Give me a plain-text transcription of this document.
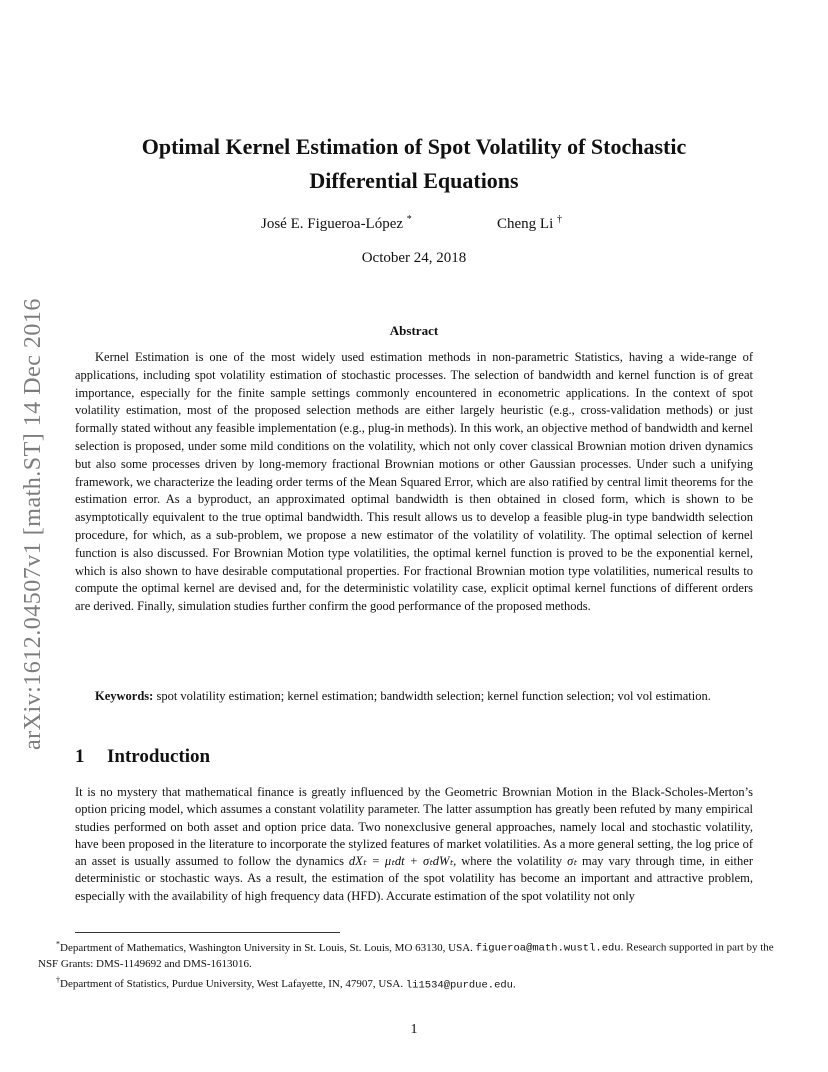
arXiv:1612.04507v1 [math.ST] 14 Dec 2016
Optimal Kernel Estimation of Spot Volatility of Stochastic
Differential Equations
José E. Figueroa-López *	Cheng Li †
October 24, 2018
Abstract

Kernel Estimation is one of the most widely used estimation methods in non-parametric Statistics, having a wide-range of applications, including spot volatility estimation of stochastic processes. The selection of bandwidth and kernel function is of great importance, especially for the finite sample settings commonly encountered in econometric applications. In the context of spot volatility estimation, most of the proposed selection methods are either largely heuristic (e.g., cross-validation methods) or just formally stated without any feasible implementation (e.g., plug-in methods). In this work, an objective method of bandwidth and kernel selection is proposed, under some mild conditions on the volatility, which not only cover classical Brownian motion driven dynamics but also some processes driven by long-memory fractional Brownian motions or other Gaussian processes. Under such a unifying framework, we characterize the leading order terms of the Mean Squared Error, which are also ratified by central limit theorems for the estimation error. As a byproduct, an approximated optimal bandwidth is then obtained in closed form, which is shown to be asymptotically equivalent to the true optimal bandwidth. This result allows us to develop a feasible plug-in type bandwidth selection procedure, for which, as a sub-problem, we propose a new estimator of the volatility of volatility. The optimal selection of kernel function is also discussed. For Brownian Motion type volatilities, the optimal kernel function is proved to be the exponential kernel, which is also shown to have desirable computational properties. For fractional Brownian motion type volatilities, numerical results to compute the optimal kernel are devised and, for the deterministic volatility case, explicit optimal kernel functions of different orders are derived. Finally, simulation studies further confirm the good performance of the proposed methods.

Keywords: spot volatility estimation; kernel estimation; bandwidth selection; kernel function selection; vol vol estimation.

1 Introduction

It is no mystery that mathematical finance is greatly influenced by the Geometric Brownian Motion in the Black-Scholes-Merton’s option pricing model, which assumes a constant volatility parameter. The latter assumption has greatly been refuted by many empirical studies performed on both asset and option price data. Two nonexclusive general approaches, namely local and stochastic volatility, have been proposed in the literature to incorporate the stylized features of market volatilities. As a more general setting, the log price of an asset is usually assumed to follow the dynamics dXₜ = μₜdt + σₜdWₜ, where the volatility σₜ may vary through time, in either deterministic or stochastic ways. As a result, the estimation of the spot volatility has become an important and attractive problem, especially with the availability of high frequency data (HFD). Accurate estimation of the spot volatility not only

*Department of Mathematics, Washington University in St. Louis, St. Louis, MO 63130, USA. figueroa@math.wustl.edu. Research supported in part by the NSF Grants: DMS-1149692 and DMS-1613016.

†Department of Statistics, Purdue University, West Lafayette, IN, 47907, USA. li1534@purdue.edu.

1
